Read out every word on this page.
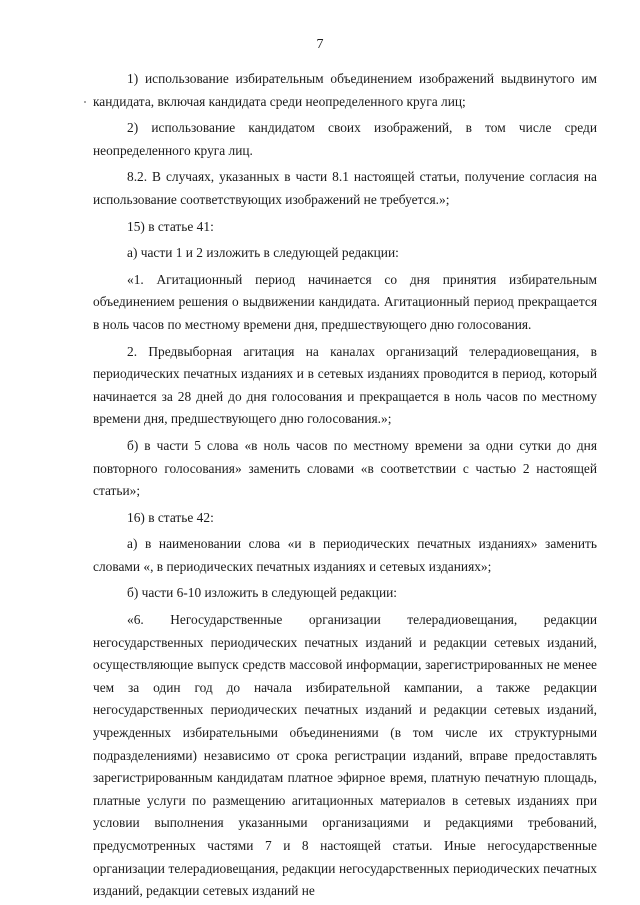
7

1) использование избирательным объединением изображений выдвинутого им кандидата, включая кандидата среди неопределенного круга лиц;

2) использование кандидатом своих изображений, в том числе среди неопределенного круга лиц.

8.2. В случаях, указанных в части 8.1 настоящей статьи, получение согласия на использование соответствующих изображений не требуется.»;

15) в статье 41:

а) части 1 и 2 изложить в следующей редакции:

«1. Агитационный период начинается со дня принятия избирательным объединением решения о выдвижении кандидата. Агитационный период прекращается в ноль часов по местному времени дня, предшествующего дню голосования.

2. Предвыборная агитация на каналах организаций телерадиовещания, в периодических печатных изданиях и в сетевых изданиях проводится в период, который начинается за 28 дней до дня голосования и прекращается в ноль часов по местному времени дня, предшествующего дню голосования.»;

б) в части 5 слова «в ноль часов по местному времени за одни сутки до дня повторного голосования» заменить словами «в соответствии с частью 2 настоящей статьи»;

16) в статье 42:

а) в наименовании слова «и в периодических печатных изданиях» заменить словами «, в периодических печатных изданиях и сетевых изданиях»;

б) части 6-10 изложить в следующей редакции:

«6. Негосударственные организации телерадиовещания, редакции негосударственных периодических печатных изданий и редакции сетевых изданий, осуществляющие выпуск средств массовой информации, зарегистрированных не менее чем за один год до начала избирательной кампании, а также редакции негосударственных периодических печатных изданий и редакции сетевых изданий, учрежденных избирательными объединениями (в том числе их структурными подразделениями) независимо от срока регистрации изданий, вправе предоставлять зарегистрированным кандидатам платное эфирное время, платную печатную площадь, платные услуги по размещению агитационных материалов в сетевых изданиях при условии выполнения указанными организациями и редакциями требований, предусмотренных частями 7 и 8 настоящей статьи. Иные негосударственные организации телерадиовещания, редакции негосударственных периодических печатных изданий, редакции сетевых изданий не
